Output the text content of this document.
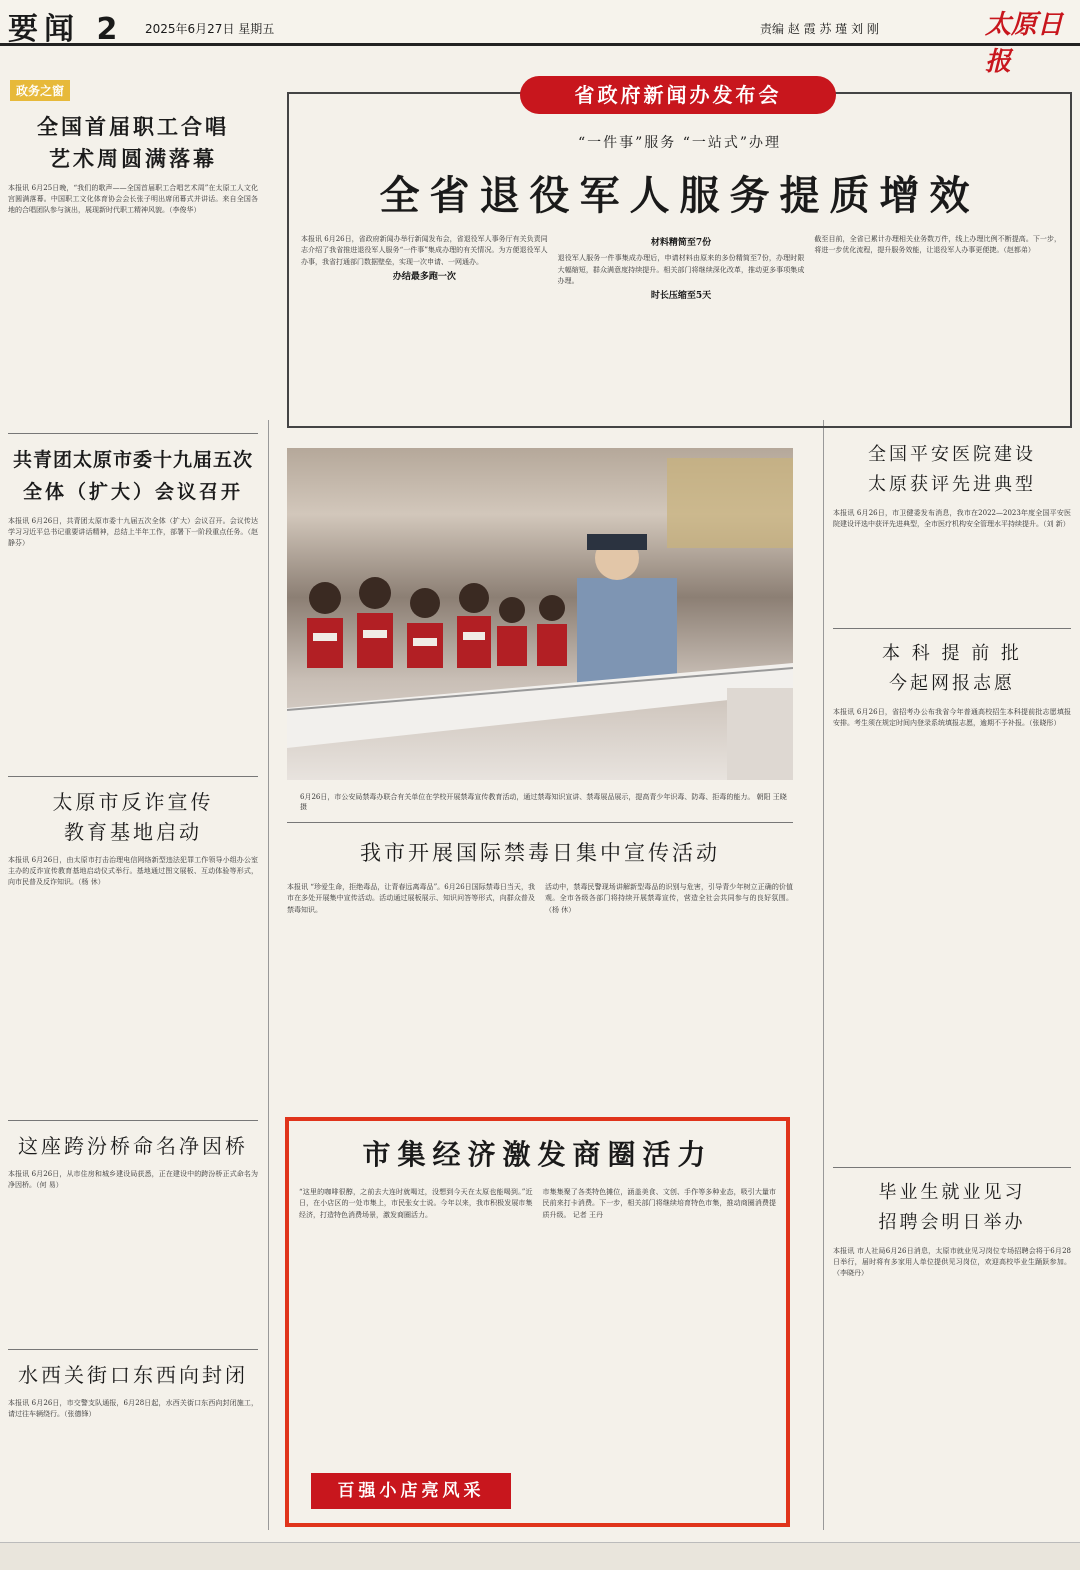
要闻 2 2025年6月27日 星期五	责编 赵 霞 苏 瑾 刘 刚	太原日报
政务之窗
全国首届职工合唱
艺术周圆满落幕
本报讯 6月25日晚，“我们的歌声——全国首届职工合唱艺术周”在太原工人文化宫圆满落幕。中国职工文化体育协会会长张子明出席闭幕式并讲话。来自全国各地的合唱团队参与演出，展现新时代职工精神风貌。（李俊华）
共青团太原市委十九届五次
全体（扩大）会议召开
本报讯 6月26日，共青团太原市委十九届五次全体（扩大）会议召开。会议传达学习习近平总书记重要讲话精神，总结上半年工作，部署下一阶段重点任务。（赵静芬）
太原市反诈宣传
教育基地启动
本报讯 6月26日，由太原市打击治理电信网络新型违法犯罪工作领导小组办公室主办的反诈宣传教育基地启动仪式举行。基地通过图文展板、互动体验等形式，向市民普及反诈知识。（杨 休）
这座跨汾桥命名净因桥
本报讯 6月26日，从市住房和城乡建设局获悉，正在建设中的跨汾桥正式命名为净因桥。（何 易）
水西关街口东西向封闭
本报讯 6月26日，市交警支队通报，6月28日起，水西关街口东西向封闭施工，请过往车辆绕行。（张德锋）
“一件事”服务 “一站式”办理
全省退役军人服务提质增效
本报讯 6月26日，省政府新闻办举行新闻发布会，省退役军人事务厅有关负责同志介绍了我省推进退役军人服务“一件事”集成办理的有关情况。为方便退役军人办事，我省打通部门数据壁垒，实现一次申请、一网通办。
办结最多跑一次
材料精简至7份
退役军人服务一件事集成办理后，申请材料由原来的多份精简至7份，办理时限大幅缩短，群众满意度持续提升。相关部门将继续深化改革，推动更多事项集成办理。
时长压缩至5天
截至目前，全省已累计办理相关业务数万件，线上办理比例不断提高。下一步，将进一步优化流程，提升服务效能，让退役军人办事更便捷。（赵都弟）
省政府新闻办发布会
6月26日，市公安局禁毒办联合有关单位在学校开展禁毒宣传教育活动，通过禁毒知识宣讲、禁毒展品展示，提高青少年识毒、防毒、拒毒的能力。 朝阳 王晓 摄
我市开展国际禁毒日集中宣传活动
本报讯 “珍爱生命，拒绝毒品，让青春远离毒品”。6月26日国际禁毒日当天，我市在多处开展集中宣传活动。活动通过展板展示、知识问答等形式，向群众普及禁毒知识。
活动中，禁毒民警现场讲解新型毒品的识别与危害，引导青少年树立正确的价值观。全市各级各部门将持续开展禁毒宣传，营造全社会共同参与的良好氛围。（杨 休）
市集经济激发商圈活力
“这里的咖啡很醇，之前去大连时就喝过，没想到今天在太原也能喝到。”近日，在小店区的一处市集上，市民张女士说。今年以来，我市积极发展市集经济，打造特色消费场景，激发商圈活力。
市集集聚了各类特色摊位，涵盖美食、文创、手作等多种业态，吸引大量市民前来打卡消费。下一步，相关部门将继续培育特色市集，推动商圈消费提质升级。 记者 王丹
百强小店亮风采
全国平安医院建设
太原获评先进典型
本报讯 6月26日，市卫健委发布消息，我市在2022—2023年度全国平安医院建设评选中获评先进典型，全市医疗机构安全管理水平持续提升。（刘 新）
本 科 提 前 批
今起网报志愿
本报讯 6月26日，省招考办公布我省今年普通高校招生本科提前批志愿填报安排。考生须在规定时间内登录系统填报志愿，逾期不予补报。（张晓彤）
毕业生就业见习
招聘会明日举办
本报讯 市人社局6月26日消息，太原市就业见习岗位专场招聘会将于6月28日举行，届时将有多家用人单位提供见习岗位，欢迎高校毕业生踊跃参加。（李晓丹）
